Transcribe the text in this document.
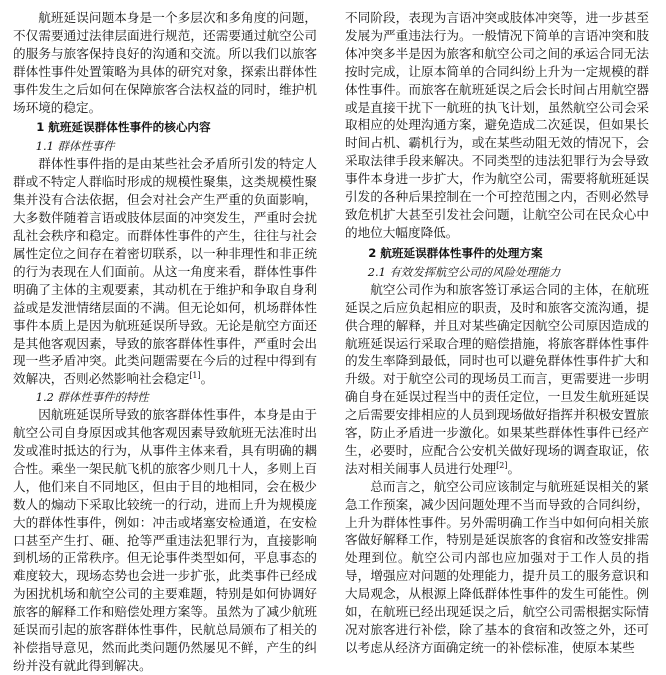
航班延误问题本身是一个多层次和多角度的问题，不仅需要通过法律层面进行规范，还需要通过航空公司的服务与旅客保持良好的沟通和交流。所以我们以旅客群体性事件处置策略为具体的研究对象，探索出群体性事件发生之后如何在保障旅客合法权益的同时，维护机场环境的稳定。

1 航班延误群体性事件的核心内容
1.1 群体性事件

群体性事件指的是由某些社会矛盾所引发的特定人群或不特定人群临时形成的规模性聚集，这类规模性聚集并没有合法依据，但会对社会产生严重的负面影响，大多数伴随着言语或肢体层面的冲突发生，严重时会扰乱社会秩序和稳定。而群体性事件的产生，往往与社会属性定位之间存在着密切联系，以一种非理性和非正统的行为表现在人们面前。从这一角度来看，群体性事件明确了主体的主观要素，其动机在于维护和争取自身利益或是发泄情绪层面的不满。但无论如何，机场群体性事件本质上是因为航班延误所导致。无论是航空方面还是其他客观因素，导致的旅客群体性事件，严重时会出现一些矛盾冲突。此类问题需要在今后的过程中得到有效解决，否则必然影响社会稳定[1]。

1.2 群体性事件的特性

因航班延误所导致的旅客群体性事件，本身是由于航空公司自身原因或其他客观因素导致航班无法准时出发或准时抵达的行为，从事件主体来看，具有明确的耦合性。乘坐一架民航飞机的旅客少则几十人，多则上百人，他们来自不同地区，但由于目的地相同，会在极少数人的煽动下采取比较统一的行动，进而上升为规模庞大的群体性事件，例如：冲击或堵塞安检通道，在安检口甚至产生打、砸、抢等严重违法犯罪行为，直接影响到机场的正常秩序。但无论事件类型如何，平息事态的难度较大，现场态势也会进一步扩张，此类事件已经成为困扰机场和航空公司的主要难题，特别是如何协调好旅客的解释工作和赔偿处理方案等。虽然为了减少航班延误而引起的旅客群体性事件，民航总局颁布了相关的补偿指导意见，然而此类问题仍然屡见不鲜，产生的纠纷并没有就此得到解决。

不同阶段，表现为言语冲突或肢体冲突等，进一步甚至发展为严重违法行为。一般情况下简单的言语冲突和肢体冲突多半是因为旅客和航空公司之间的承运合同无法按时完成，让原本简单的合同纠纷上升为一定规模的群体性事件。而旅客在航班延误之后会长时间占用航空器或是直接干扰下一航班的执飞计划，虽然航空公司会采取相应的处理沟通方案，避免造成二次延误，但如果长时间占机、霸机行为，或在某些动阻无效的情况下，会采取法律手段来解决。不同类型的违法犯罪行为会导致事件本身进一步扩大，作为航空公司，需要将航班延误引发的各种后果控制在一个可控范围之内，否则必然导致危机扩大甚至引发社会问题，让航空公司在民众心中的地位大幅度降低。

2 航班延误群体性事件的处理方案
2.1 有效发挥航空公司的风险处理能力

航空公司作为和旅客签订承运合同的主体，在航班延误之后应负起相应的职责，及时和旅客交流沟通，提供合理的解释，并且对某些确定因航空公司原因造成的航班延误运行采取合理的赔偿措施，将旅客群体性事件的发生率降到最低，同时也可以避免群体性事件扩大和升级。对于航空公司的现场员工而言，更需要进一步明确自身在延误过程当中的责任定位，一旦发生航班延误之后需要安排相应的人员到现场做好指挥并积极安置旅客，防止矛盾进一步激化。如果某些群体性事件已经产生，必要时，应配合公安机关做好现场的调查取证，依法对相关闹事人员进行处理[2]。

总而言之，航空公司应该制定与航班延误相关的紧急工作预案，减少因问题处理不当而导致的合同纠纷，上升为群体性事件。另外需明确工作当中如何向相关旅客做好解释工作，特别是延误旅客的食宿和改签安排需处理到位。航空公司内部也应加强对于工作人员的指导，增强应对问题的处理能力，提升员工的服务意识和大局观念，从根源上降低群体性事件的发生可能性。例如，在航班已经出现延误之后，航空公司需根据实际情况对旅客进行补偿，除了基本的食宿和改签之外，还可以考虑从经济方面确定统一的补偿标准，使原本某些
